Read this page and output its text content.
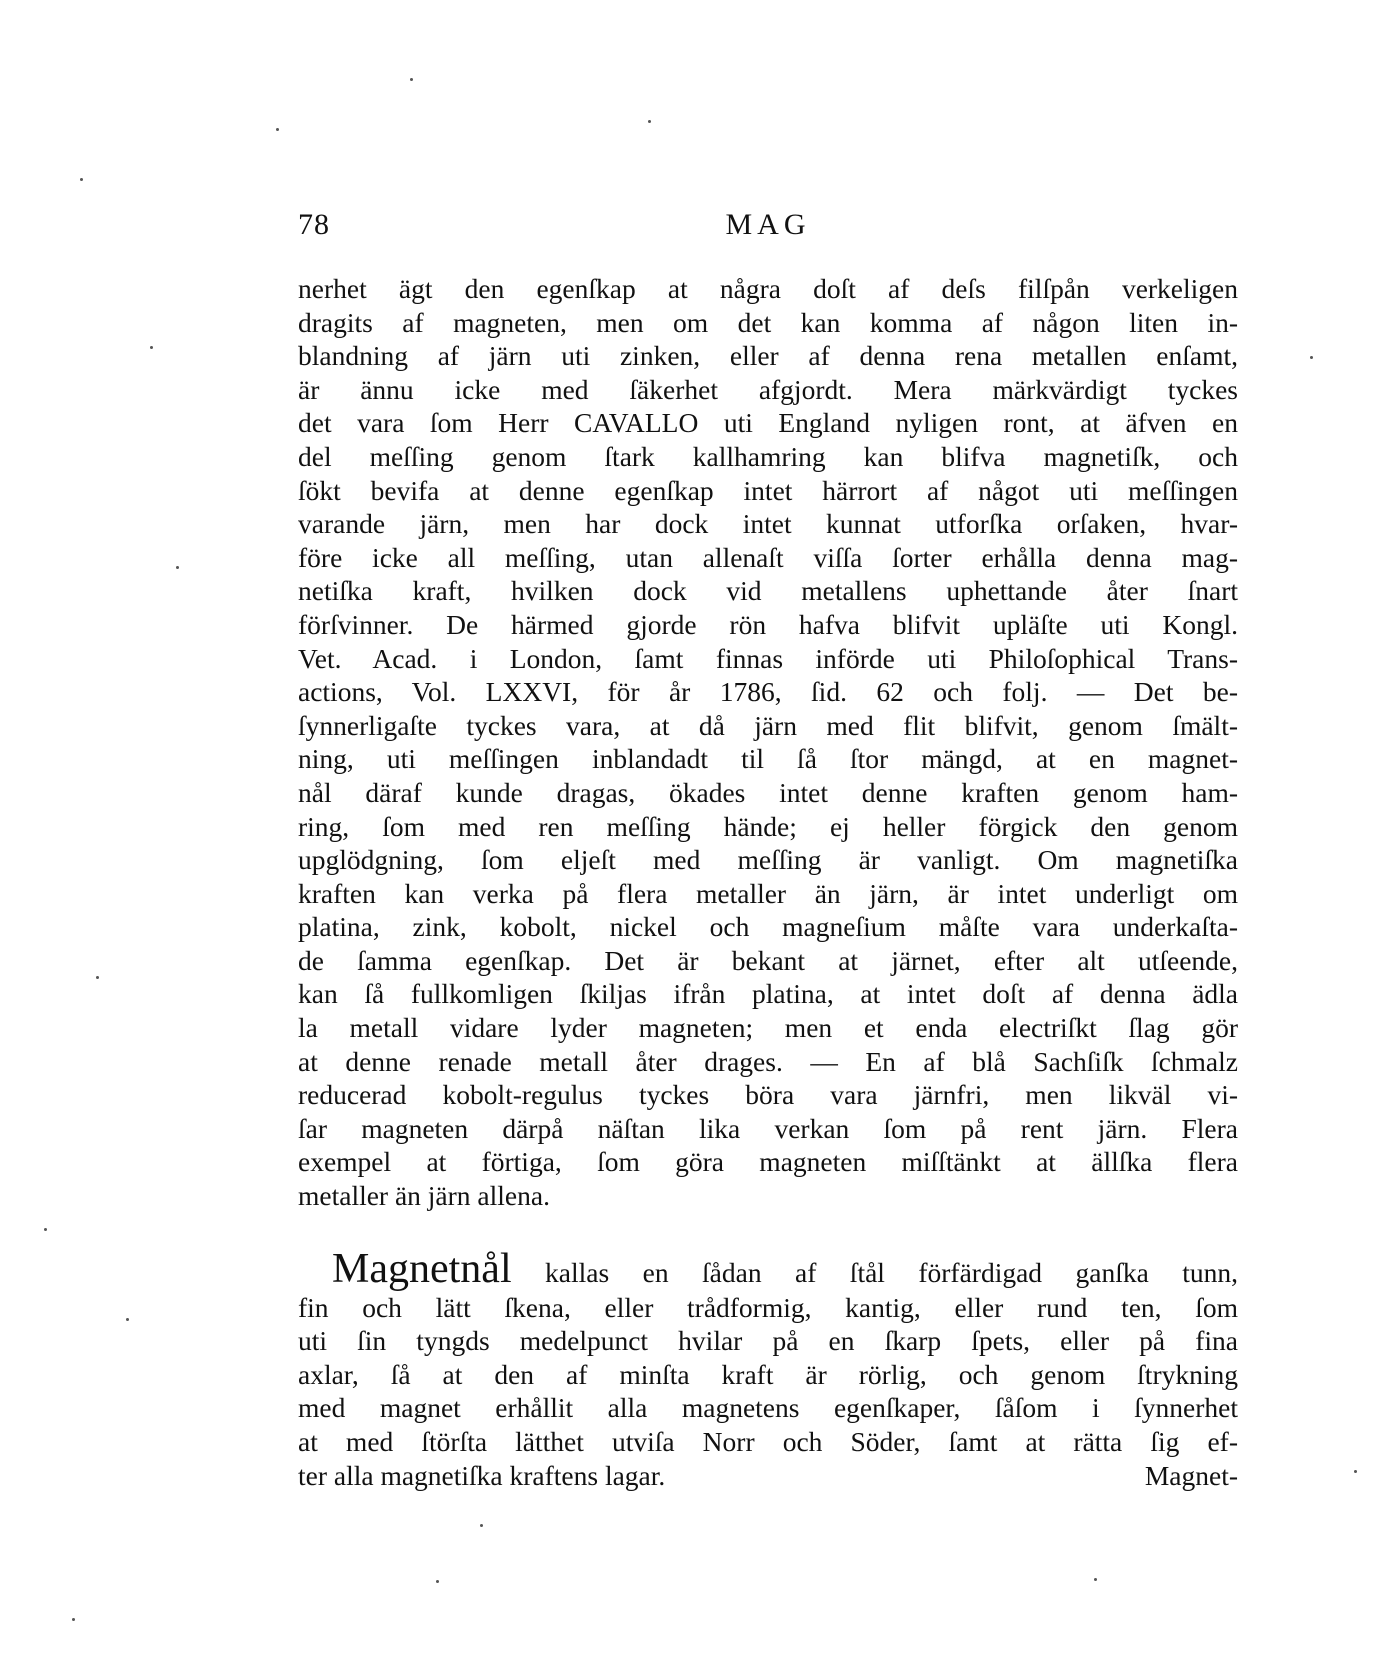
78	MAG
nerhet ägt den egenſkap at några doſt af deſs filſpån verkeligen
dragits af magneten, men om det kan komma af någon liten in-
blandning af järn uti zinken, eller af denna rena metallen enſamt,
är ännu icke med ſäkerhet afgjordt. Mera märkvärdigt tyckes
det vara ſom Herr CAVALLO uti England nyligen ront, at äfven en
del meſſing genom ſtark kallhamring kan blifva magnetiſk, och
ſökt bevifa at denne egenſkap intet härrort af något uti meſſingen
varande järn, men har dock intet kunnat utforſka orſaken, hvar-
före icke all meſſing, utan allenaſt viſſa ſorter erhålla denna mag-
netiſka kraft, hvilken dock vid metallens uphettande åter ſnart
förſvinner. De härmed gjorde rön hafva blifvit upläſte uti Kongl.
Vet. Acad. i London, ſamt finnas införde uti Philoſophical Trans-
actions, Vol. LXXVI, för år 1786, ſid. 62 och folj. — Det be-
ſynnerligaſte tyckes vara, at då järn med flit blifvit, genom ſmält-
ning, uti meſſingen inblandadt til ſå ſtor mängd, at en magnet-
nål däraf kunde dragas, ökades intet denne kraften genom ham-
ring, ſom med ren meſſing hände; ej heller förgick den genom
upglödgning, ſom eljeſt med meſſing är vanligt. Om magnetiſka
kraften kan verka på flera metaller än järn, är intet underligt om
platina, zink, kobolt, nickel och magneſium måſte vara underkaſta-
de ſamma egenſkap. Det är bekant at järnet, efter alt utſeende,
kan ſå fullkomligen ſkiljas ifrån platina, at intet doſt af denna ädla
la metall vidare lyder magneten; men et enda electriſkt ſlag gör
at denne renade metall åter drages. — En af blå Sachſiſk ſchmalz
reducerad kobolt-regulus tyckes böra vara järnfri, men likväl vi-
ſar magneten därpå näſtan lika verkan ſom på rent järn. Flera
exempel at förtiga, ſom göra magneten miſſtänkt at ällſka flera
metaller än järn allena.
Magnetnål kallas en ſådan af ſtål förfärdigad ganſka tunn,
fin och lätt ſkena, eller trådformig, kantig, eller rund ten, ſom
uti ſin tyngds medelpunct hvilar på en ſkarp ſpets, eller på fina
axlar, ſå at den af minſta kraft är rörlig, och genom ſtrykning
med magnet erhållit alla magnetens egenſkaper, ſåſom i ſynnerhet
at med ſtörſta lätthet utviſa Norr och Söder, ſamt at rätta ſig ef-
ter alla magnetiſka kraftens lagar.	Magnet-
